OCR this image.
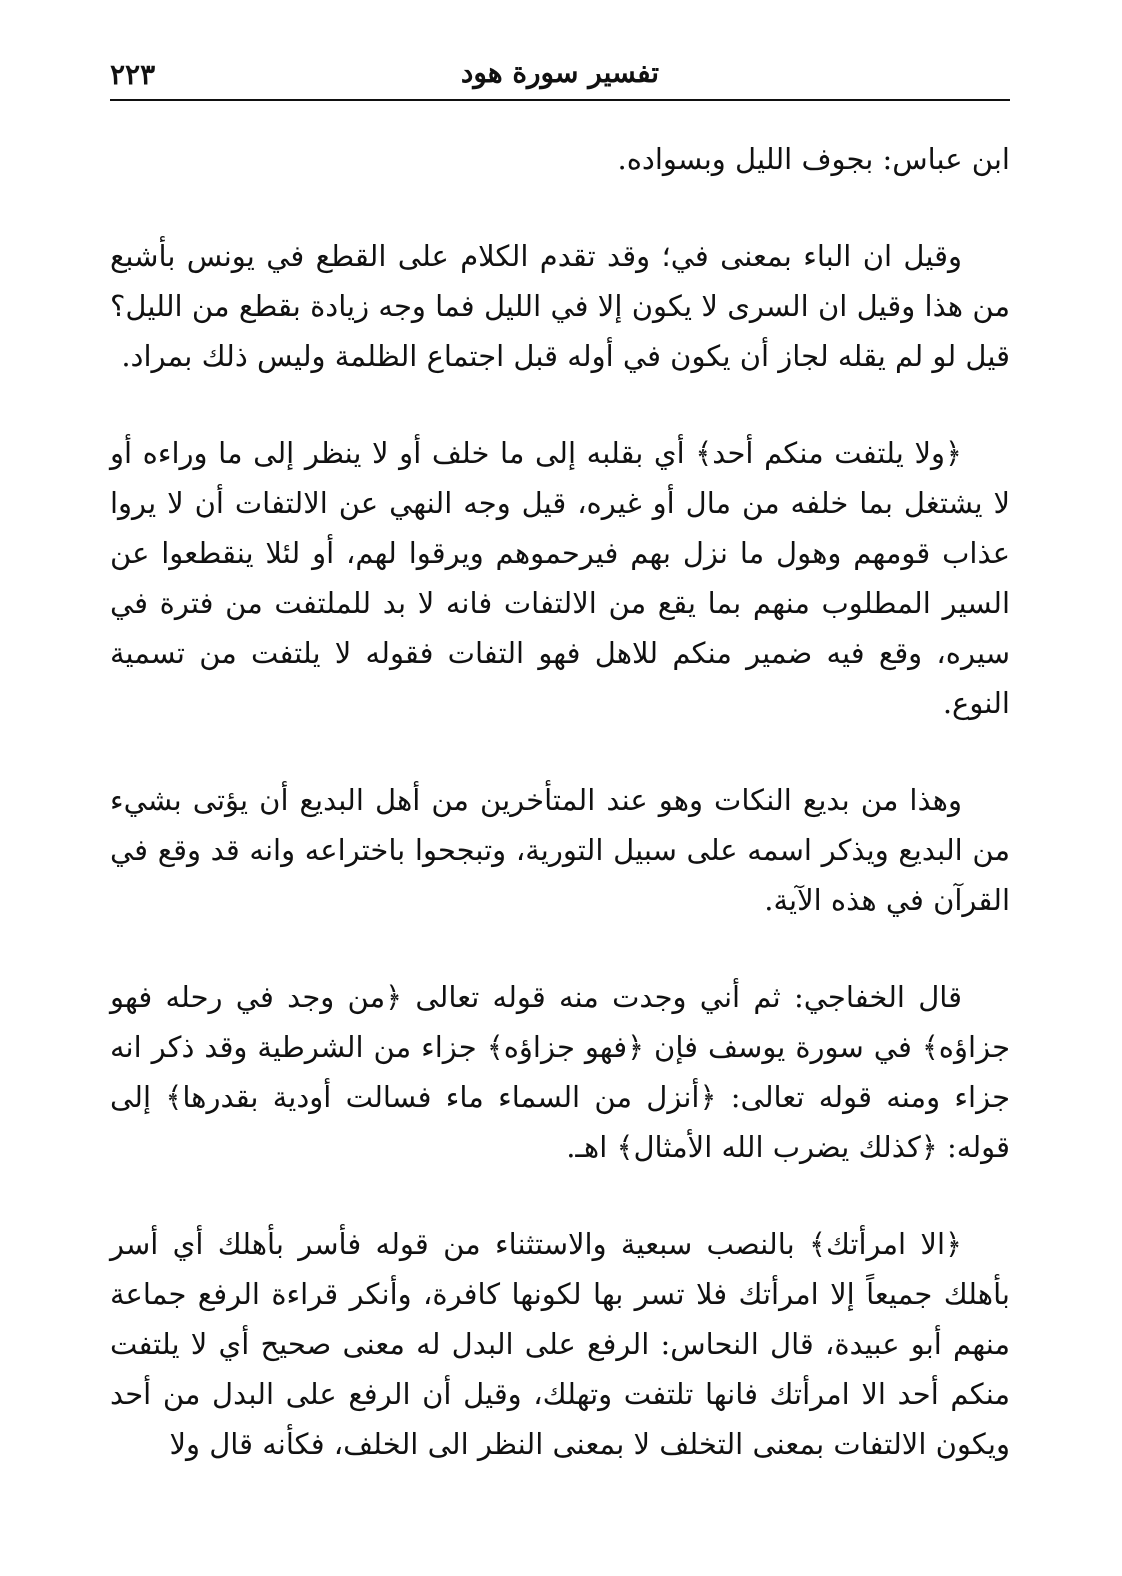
٢٢٣	تفسير سورة هود

ابن عباس: بجوف الليل وبسواده.

وقيل ان الباء بمعنى في؛ وقد تقدم الكلام على القطع في يونس بأشبع من هذا وقيل ان السرى لا يكون إلا في الليل فما وجه زيادة بقطع من الليل؟ قيل لو لم يقله لجاز أن يكون في أوله قبل اجتماع الظلمة وليس ذلك بمراد.

﴿ولا يلتفت منكم أحد﴾ أي بقلبه إلى ما خلف أو لا ينظر إلى ما وراءه أو لا يشتغل بما خلفه من مال أو غيره، قيل وجه النهي عن الالتفات أن لا يروا عذاب قومهم وهول ما نزل بهم فيرحموهم ويرقوا لهم، أو لئلا ينقطعوا عن السير المطلوب منهم بما يقع من الالتفات فانه لا بد للملتفت من فترة في سيره، وقع فيه ضمير منكم للاهل فهو التفات فقوله لا يلتفت من تسمية النوع.

وهذا من بديع النكات وهو عند المتأخرين من أهل البديع أن يؤتى بشيء من البديع ويذكر اسمه على سبيل التورية، وتبجحوا باختراعه وانه قد وقع في القرآن في هذه الآية.

قال الخفاجي: ثم أني وجدت منه قوله تعالى ﴿من وجد في رحله فهو جزاؤه﴾ في سورة يوسف فإن ﴿فهو جزاؤه﴾ جزاء من الشرطية وقد ذكر انه جزاء ومنه قوله تعالى: ﴿أنزل من السماء ماء فسالت أودية بقدرها﴾ إلى قوله: ﴿كذلك يضرب الله الأمثال﴾ اهـ.

﴿الا امرأتك﴾ بالنصب سبعية والاستثناء من قوله فأسر بأهلك أي أسر بأهلك جميعاً إلا امرأتك فلا تسر بها لكونها كافرة، وأنكر قراءة الرفع جماعة منهم أبو عبيدة، قال النحاس: الرفع على البدل له معنى صحيح أي لا يلتفت منكم أحد الا امرأتك فانها تلتفت وتهلك، وقيل أن الرفع على البدل من أحد ويكون الالتفات بمعنى التخلف لا بمعنى النظر الى الخلف، فكأنه قال ولا
